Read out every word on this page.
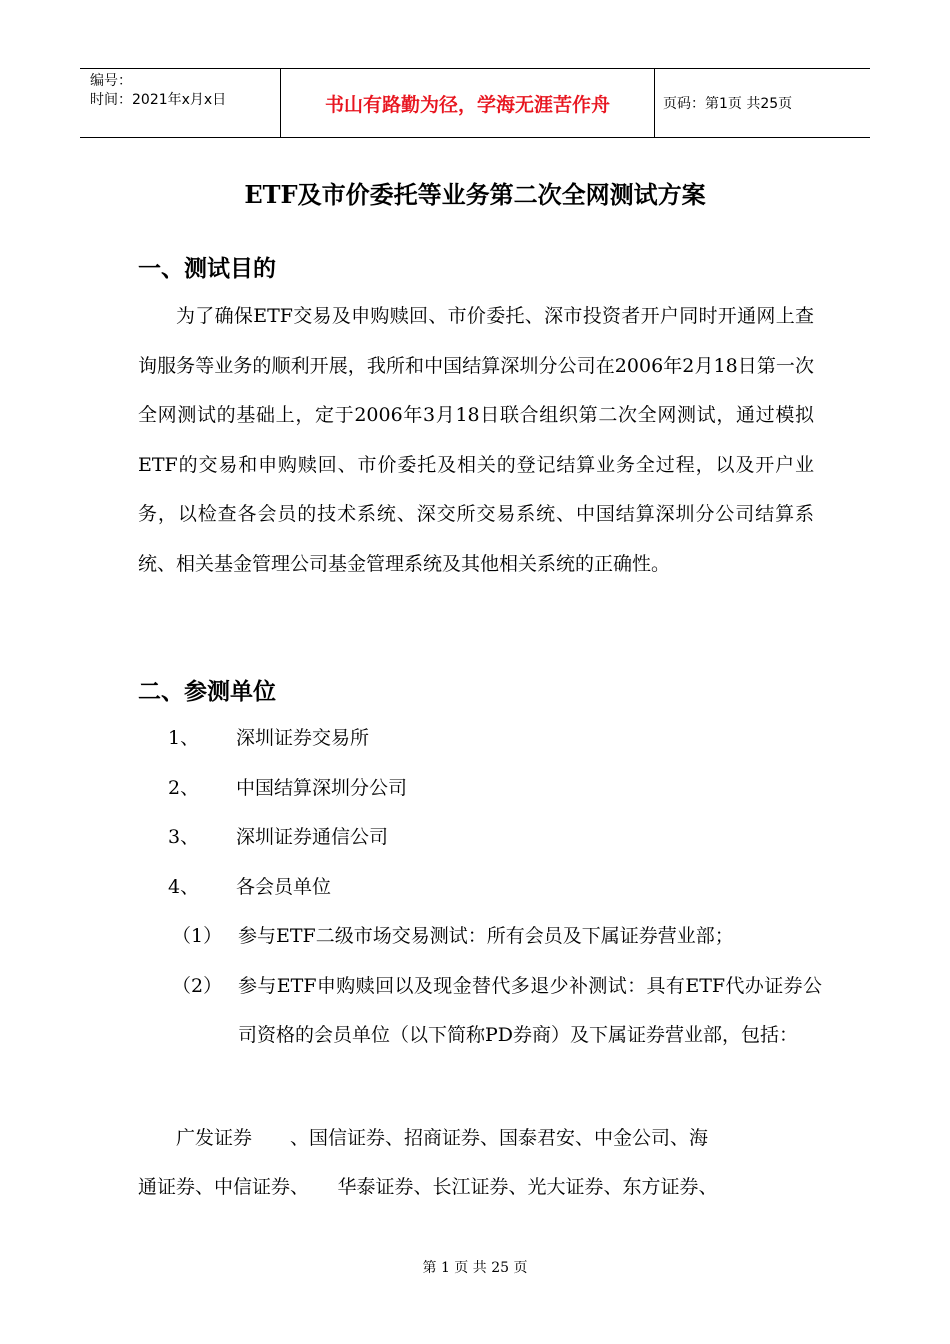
编号：
时间：2021年x月x日	书山有路勤为径，学海无涯苦作舟	页码：第1页 共25页
ETF及市价委托等业务第二次全网测试方案
一、测试目的
为了确保ETF交易及申购赎回、市价委托、深市投资者开户同时开通网上查询服务等业务的顺利开展，我所和中国结算深圳分公司在2006年2月18日第一次全网测试的基础上，定于2006年3月18日联合组织第二次全网测试，通过模拟ETF的交易和申购赎回、市价委托及相关的登记结算业务全过程，以及开户业务，以检查各会员的技术系统、深交所交易系统、中国结算深圳分公司结算系统、相关基金管理公司基金管理系统及其他相关系统的正确性。
二、参测单位
1、 深圳证券交易所
2、 中国结算深圳分公司
3、 深圳证券通信公司
4、 各会员单位
（1） 参与ETF二级市场交易测试：所有会员及下属证券营业部；
（2） 参与ETF申购赎回以及现金替代多退少补测试：具有ETF代办证券公司资格的会员单位（以下简称PD券商）及下属证券营业部，包括：
广发证券　　、国信证券、招商证券、国泰君安、中金公司、海
通证券、中信证券、　　华泰证券、长江证券、光大证券、东方证券、
第 1 页 共 25 页
